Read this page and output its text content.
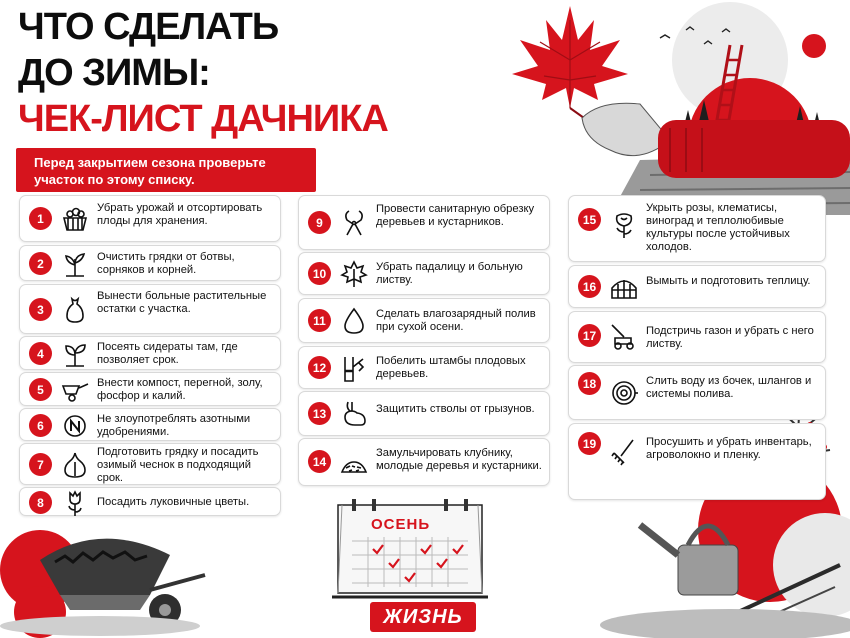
ОСЕНЬ
ЧТО СДЕЛАТЬ
ДО ЗИМЫ:
ЧЕК-ЛИСТ ДАЧНИКА
Перед закрытием сезона проверьте участок по этому списку.
1
Убрать урожай и отсортировать плоды для хранения.
2	Очистить грядки от ботвы, сорняков и корней.
3
Вынести больные растительные остатки с участка.
4	Посеять сидераты там, где позволяет срок.
5	Внести компост, перегной, золу, фосфор и калий.
6	Не злоупотреблять азотными удобрениями.
7
Подготовить грядку и посадить озимый чеснок в подходящий срок.
8	Посадить луковичные цветы.
9
Провести санитарную обрезку деревьев и кустарников.
10	Убрать падалицу и больную листву.
11	Сделать влагозарядный полив при сухой осени.
12	Побелить штамбы плодовых деревьев.
13	Защитить стволы от грызунов.
14
Замульчировать клубнику, молодые деревья и кустарники.
15
Укрыть розы, клематисы, виноград и теплолюбивые культуры после устойчивых холодов.
16	Вымыть и подготовить теплицу.
17	Подстричь газон и убрать с него листву.
18	Слить воду из бочек, шлангов и системы полива.
19	Просушить и убрать инвентарь, агроволокно и пленку.
ЖИЗНЬ
